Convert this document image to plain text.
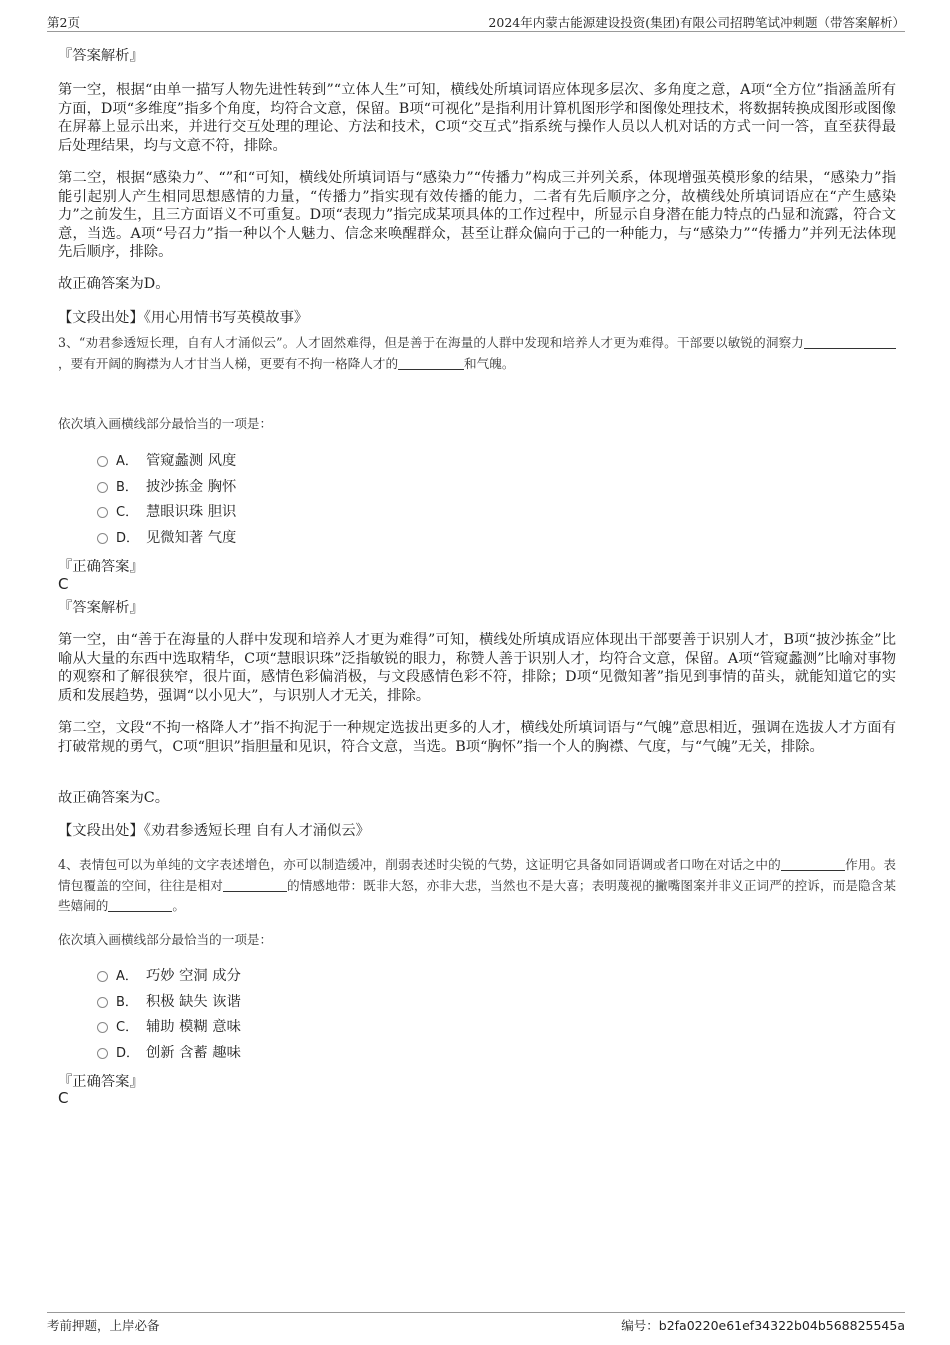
第2页	2024年内蒙古能源建设投资(集团)有限公司招聘笔试冲刺题（带答案解析）
『答案解析』

第一空，根据“由单一描写人物先进性转到”“立体人生”可知，横线处所填词语应体现多层次、多角度之意，A项“全方位”指涵盖所有方面，D项“多维度”指多个角度，均符合文意，保留。B项“可视化”是指利用计算机图形学和图像处理技术，将数据转换成图形或图像在屏幕上显示出来，并进行交互处理的理论、方法和技术，C项“交互式”指系统与操作人员以人机对话的方式一问一答，直至获得最后处理结果，均与文意不符，排除。

第二空，根据“感染力”、“”和“可知，横线处所填词语与“感染力”“传播力”构成三并列关系，体现增强英模形象的结果，“感染力”指能引起别人产生相同思想感情的力量，“传播力”指实现有效传播的能力，二者有先后顺序之分，故横线处所填词语应在“产生感染力”之前发生，且三方面语义不可重复。D项“表现力”指完成某项具体的工作过程中，所显示自身潜在能力特点的凸显和流露，符合文意，当选。A项“号召力”指一种以个人魅力、信念来唤醒群众，甚至让群众偏向于己的一种能力，与“感染力”“传播力”并列无法体现先后顺序，排除。

故正确答案为D。
【文段出处】《用心用情书写英模故事》
3、“劝君参透短长理，自有人才涌似云”。人才固然难得，但是善于在海量的人群中发现和培养人才更为难得。干部要以敏锐的洞察力，要有开阔的胸襟为人才甘当人梯，更要有不拘一格降人才的	和气魄。
依次填入画横线部分最恰当的一项是：
A． 管窥蠡测 风度
B． 披沙拣金 胸怀
C． 慧眼识珠 胆识
D． 见微知著 气度
『正确答案』
C
『答案解析』

第一空，由“善于在海量的人群中发现和培养人才更为难得”可知，横线处所填成语应体现出干部要善于识别人才，B项“披沙拣金”比喻从大量的东西中选取精华，C项“慧眼识珠”泛指敏锐的眼力，称赞人善于识别人才，均符合文意，保留。A项“管窥蠡测”比喻对事物的观察和了解很狭窄，很片面，感情色彩偏消极，与文段感情色彩不符，排除；D项“见微知著”指见到事情的苗头，就能知道它的实质和发展趋势，强调“以小见大”，与识别人才无关，排除。

第二空，文段“不拘一格降人才”指不拘泥于一种规定选拔出更多的人才，横线处所填词语与“气魄”意思相近，强调在选拔人才方面有打破常规的勇气，C项“胆识”指胆量和见识，符合文意，当选。B项“胸怀”指一个人的胸襟、气度，与“气魄”无关，排除。

故正确答案为C。
【文段出处】《劝君参透短长理 自有人才涌似云》
4、表情包可以为单纯的文字表述增色，亦可以制造缓冲，削弱表述时尖锐的气势，这证明它具备如同语调或者口吻在对话之中的	作用。表情包覆盖的空间，往往是相对	的情感地带：既非大怒，亦非大悲，当然也不是大喜；表明蔑视的撇嘴图案并非义正词严的控诉，而是隐含某些嬉闹的	。
依次填入画横线部分最恰当的一项是：
A． 巧妙 空洞 成分
B． 积极 缺失 诙谐
C． 辅助 模糊 意味
D． 创新 含蓄 趣味
『正确答案』
C
考前押题，上岸必备	编号：b2fa0220e61ef34322b04b568825545a
